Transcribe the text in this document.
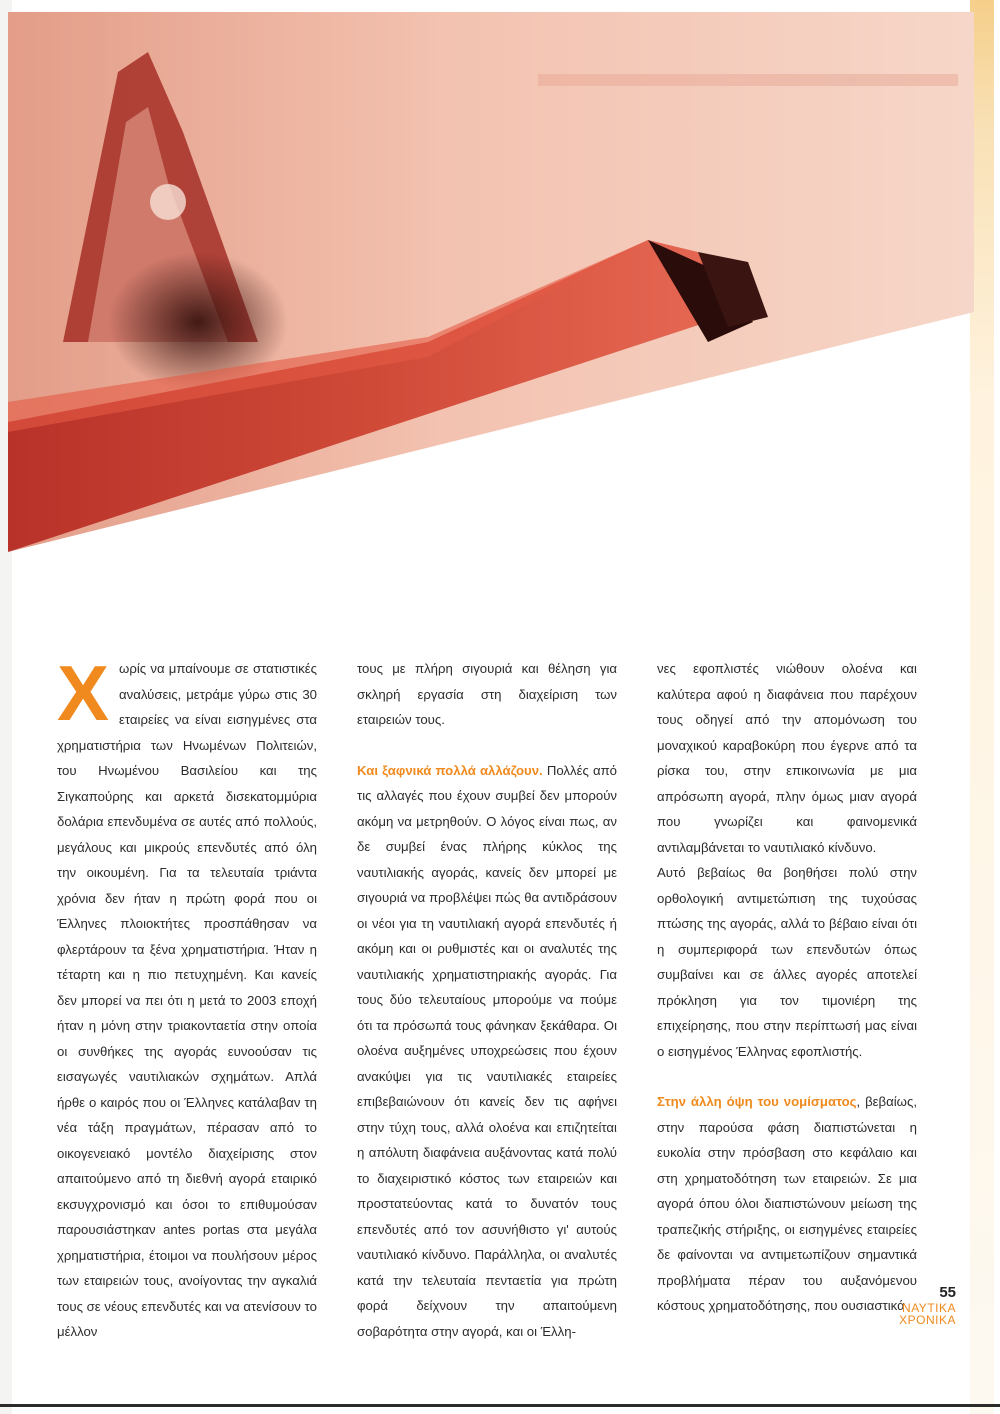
Χωρίς να μπαίνουμε σε στατιστικές αναλύσεις, μετράμε γύρω στις 30 εταιρείες να είναι εισηγμένες στα χρηματιστήρια των Ηνωμένων Πολιτειών, του Ηνωμένου Βασιλείου και της Σιγκαπούρης και αρκετά δισεκατομμύρια δολάρια επενδυμένα σε αυτές από πολλούς, μεγάλους και μικρούς επενδυτές από όλη την οικουμένη. Για τα τελευταία τριάντα χρόνια δεν ήταν η πρώτη φορά που οι Έλληνες πλοιοκτήτες προσπάθησαν να φλερτάρουν τα ξένα χρηματιστήρια. Ήταν η τέταρτη και η πιο πετυχημένη. Και κανείς δεν μπορεί να πει ότι η μετά το 2003 εποχή ήταν η μόνη στην τριακονταετία στην οποία οι συνθήκες της αγοράς ευνοούσαν τις εισαγωγές ναυτιλιακών σχημάτων. Απλά ήρθε ο καιρός που οι Έλληνες κατάλαβαν τη νέα τάξη πραγμάτων, πέρασαν από το οικογενειακό μοντέλο διαχείρισης στον απαιτούμενο από τη διεθνή αγορά εταιρικό εκσυγχρονισμό και όσοι το επιθυμούσαν παρουσιάστηκαν antes portas στα μεγάλα χρηματιστήρια, έτοιμοι να πουλήσουν μέρος των εταιρειών τους, ανοίγοντας την αγκαλιά τους σε νέους επενδυτές και να ατενίσουν το μέλλον

τους με πλήρη σιγουριά και θέληση για σκληρή εργασία στη διαχείριση των εταιρειών τους.

Και ξαφνικά πολλά αλλάζουν. Πολλές από τις αλλαγές που έχουν συμβεί δεν μπορούν ακόμη να μετρηθούν. Ο λόγος είναι πως, αν δε συμβεί ένας πλήρης κύκλος της ναυτιλιακής αγοράς, κανείς δεν μπορεί με σιγουριά να προβλέψει πώς θα αντιδράσουν οι νέοι για τη ναυτιλιακή αγορά επενδυτές ή ακόμη και οι ρυθμιστές και οι αναλυτές της ναυτιλιακής χρηματιστηριακής αγοράς. Για τους δύο τελευταίους μπορούμε να πούμε ότι τα πρόσωπά τους φάνηκαν ξεκάθαρα. Οι ολοένα αυξημένες υποχρεώσεις που έχουν ανακύψει για τις ναυτιλιακές εταιρείες επιβεβαιώνουν ότι κανείς δεν τις αφήνει στην τύχη τους, αλλά ολοένα και επιζητείται η απόλυτη διαφάνεια αυξάνοντας κατά πολύ το διαχειριστικό κόστος των εταιρειών και προστατεύοντας κατά το δυνατόν τους επενδυτές από τον ασυνήθιστο γι' αυτούς ναυτιλιακό κίνδυνο. Παράλληλα, οι αναλυτές κατά την τελευταία πενταετία για πρώτη φορά δείχνουν την απαιτούμενη σοβαρότητα στην αγορά, και οι Έλλη-

νες εφοπλιστές νιώθουν ολοένα και καλύτερα αφού η διαφάνεια που παρέχουν τους οδηγεί από την απομόνωση του μοναχικού καραβοκύρη που έγερνε από τα ρίσκα του, στην επικοινωνία με μια απρόσωπη αγορά, πλην όμως μιαν αγορά που γνωρίζει και φαινομενικά αντιλαμβάνεται το ναυτιλιακό κίνδυνο.

Αυτό βεβαίως θα βοηθήσει πολύ στην ορθολογική αντιμετώπιση της τυχούσας πτώσης της αγοράς, αλλά το βέβαιο είναι ότι η συμπεριφορά των επενδυτών όπως συμβαίνει και σε άλλες αγορές αποτελεί πρόκληση για τον τιμονιέρη της επιχείρησης, που στην περίπτωσή μας είναι ο εισηγμένος Έλληνας εφοπλιστής.

Στην άλλη όψη του νομίσματος, βεβαίως, στην παρούσα φάση διαπιστώνεται η ευκολία στην πρόσβαση στο κεφάλαιο και στη χρηματοδότηση των εταιρειών. Σε μια αγορά όπου όλοι διαπιστώνουν μείωση της τραπεζικής στήριξης, οι εισηγμένες εταιρείες δε φαίνονται να αντιμετωπίζουν σημαντικά προβλήματα πέραν του αυξανόμενου κόστους χρηματοδότησης, που ουσιαστικά

55
ΝΑΥΤΙΚΑ
ΧΡΟΝΙΚΑ
